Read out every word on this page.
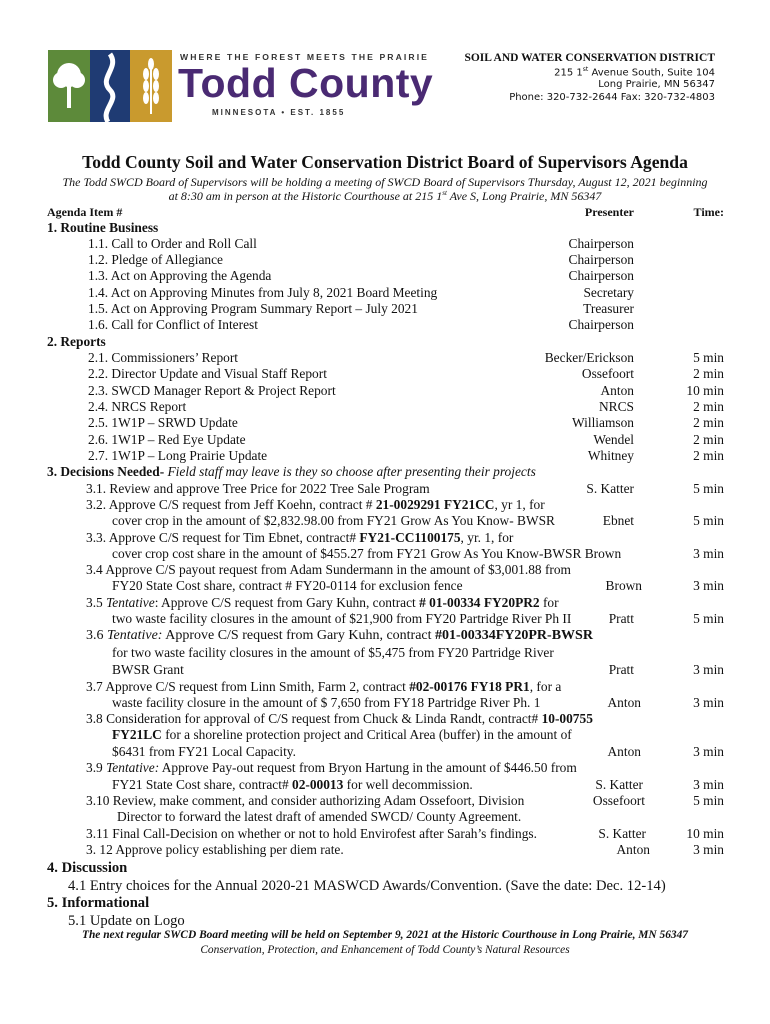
WHERE THE FOREST MEETS THE PRAIRIE
Todd County
MINNESOTA • EST. 1855
SOIL AND WATER CONSERVATION DISTRICT
215 1st Avenue South, Suite 104
Long Prairie, MN 56347
Phone: 320-732-2644 Fax: 320-732-4803
Todd County Soil and Water Conservation District Board of Supervisors Agenda
The Todd SWCD Board of Supervisors will be holding a meeting of SWCD Board of Supervisors Thursday, August 12, 2021 beginning
at 8:30 am in person at the Historic Courthouse at 215 1st Ave S, Long Prairie, MN 56347
Agenda Item #	Presenter	Time:
1. Routine Business
1.1. Call to Order and Roll Call	Chairperson
1.2. Pledge of Allegiance	Chairperson
1.3. Act on Approving the Agenda	Chairperson
1.4. Act on Approving Minutes from July 8, 2021 Board Meeting	Secretary
1.5. Act on Approving Program Summary Report – July 2021	Treasurer
1.6. Call for Conflict of Interest	Chairperson
2. Reports
2.1. Commissioners’ Report	Becker/Erickson	5 min
2.2. Director Update and Visual Staff Report	Ossefoort	2 min
2.3. SWCD Manager Report & Project Report	Anton	10 min
2.4. NRCS Report	NRCS	2 min
2.5. 1W1P – SRWD Update	Williamson	2 min
2.6. 1W1P – Red Eye Update	Wendel	2 min
2.7. 1W1P – Long Prairie Update	Whitney	2 min
3. Decisions Needed- Field staff may leave is they so choose after presenting their projects
3.1. Review and approve Tree Price for 2022 Tree Sale Program	S. Katter	5 min
3.2. Approve C/S request from Jeff Koehn, contract # 21-0029291 FY21CC, yr 1, for
cover crop in the amount of $2,832.98.00 from FY21 Grow As You Know- BWSR	Ebnet	5 min
3.3. Approve C/S request for Tim Ebnet, contract# FY21-CC1100175, yr. 1, for
cover crop cost share in the amount of $455.27 from FY21 Grow As You Know-BWSR Brown	3 min
3.4 Approve C/S payout request from Adam Sundermann in the amount of $3,001.88 from
FY20 State Cost share, contract # FY20-0114 for exclusion fence	Brown	3 min
3.5 Tentative: Approve C/S request from Gary Kuhn, contract # 01-00334 FY20PR2 for
two waste facility closures in the amount of $21,900 from FY20 Partridge River Ph II	Pratt	5 min
3.6 Tentative: Approve C/S request from Gary Kuhn, contract #01-00334FY20PR-BWSR
for two waste facility closures in the amount of $5,475 from FY20 Partridge River
BWSR Grant	Pratt	3 min
3.7 Approve C/S request from Linn Smith, Farm 2, contract #02-00176 FY18 PR1, for a
waste facility closure in the amount of $ 7,650 from FY18 Partridge River Ph. 1	Anton	3 min
3.8 Consideration for approval of C/S request from Chuck & Linda Randt, contract# 10-00755
FY21LC for a shoreline protection project and Critical Area (buffer) in the amount of
$6431 from FY21 Local Capacity.	Anton	3 min
3.9 Tentative: Approve Pay-out request from Bryon Hartung in the amount of $446.50 from
FY21 State Cost share, contract# 02-00013 for well decommission.	S. Katter	3 min
3.10 Review, make comment, and consider authorizing Adam Ossefoort, Division	Ossefoort	5 min
Director to forward the latest draft of amended SWCD/ County Agreement.
3.11 Final Call-Decision on whether or not to hold Envirofest after Sarah’s findings.	S. Katter	10 min
3. 12 Approve policy establishing per diem rate.	Anton	3 min
4. Discussion
4.1 Entry choices for the Annual 2020-21 MASWCD Awards/Convention. (Save the date: Dec. 12-14)
5. Informational
5.1 Update on Logo
The next regular SWCD Board meeting will be held on September 9, 2021 at the Historic Courthouse in Long Prairie, MN 56347
Conservation, Protection, and Enhancement of Todd County’s Natural Resources
